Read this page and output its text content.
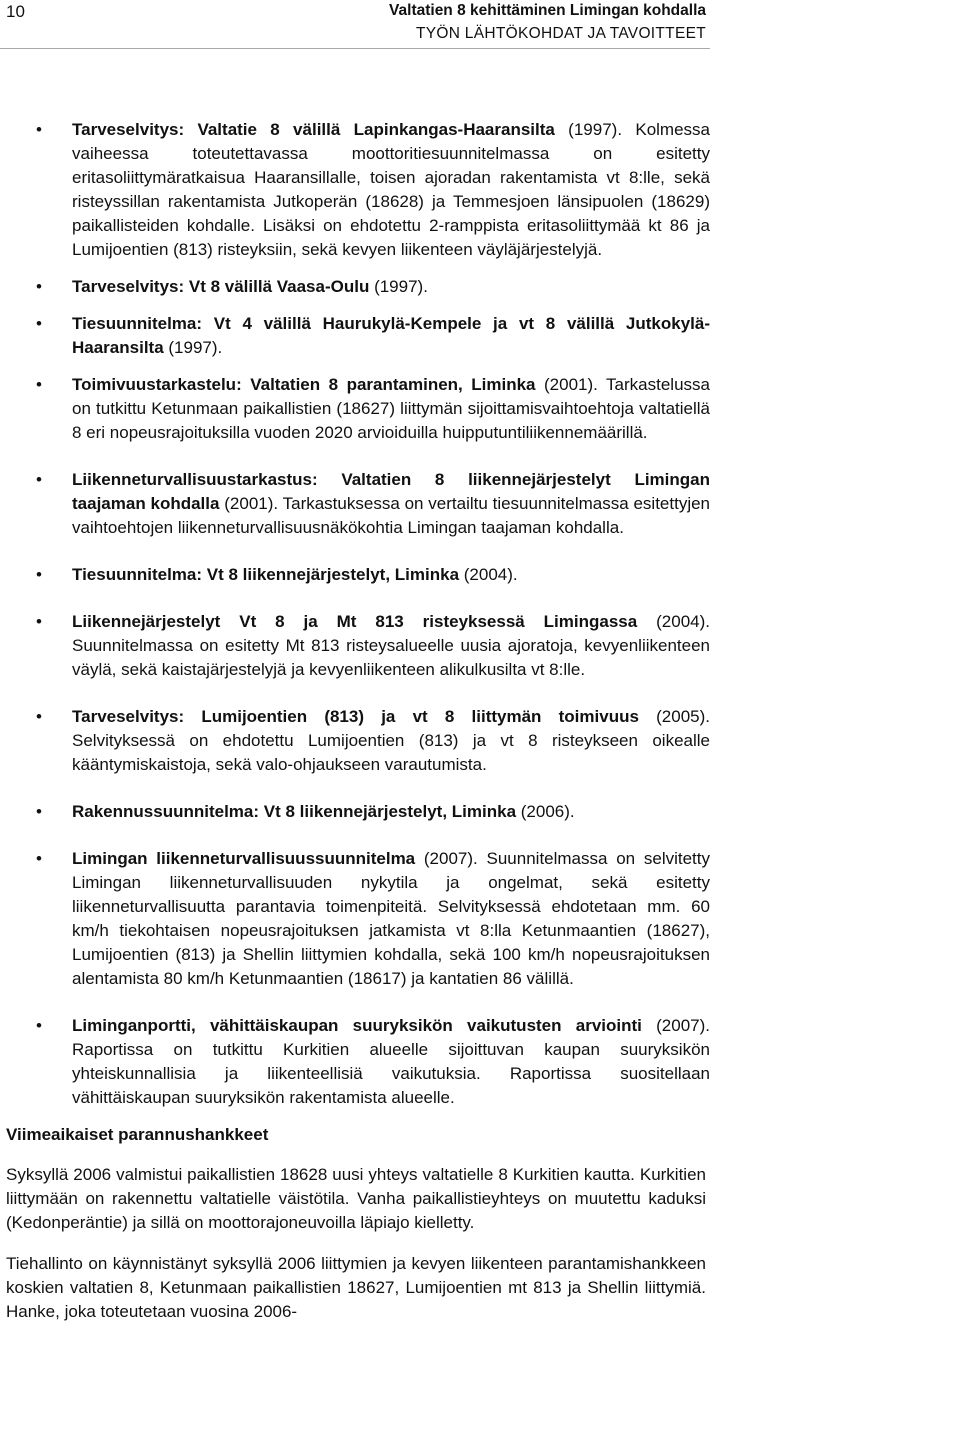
10	Valtatien 8 kehittäminen Limingan kohdalla
TYÖN LÄHTÖKOHDAT JA TAVOITTEET
• Tarveselvitys: Valtatie 8 välillä Lapinkangas-Haaransilta (1997). Kolmessa vaiheessa toteutettavassa moottoritiesuunnitelmassa on esitetty eritasoliittymäratkaisua Haaransillalle, toisen ajoradan rakentamista vt 8:lle, sekä risteyssillan rakentamista Jutkoperän (18628) ja Temmesjoen länsipuolen (18629) paikallisteiden kohdalle. Lisäksi on ehdotettu 2-ramppista eritasoliittymää kt 86 ja Lumijoentien (813) risteyksiin, sekä kevyen liikenteen väyläjärjestelyjä.
• Tarveselvitys: Vt 8 välillä Vaasa-Oulu (1997).
• Tiesuunnitelma: Vt 4 välillä Haurukylä-Kempele ja vt 8 välillä Jutkokylä-Haaransilta (1997).
• Toimivuustarkastelu: Valtatien 8 parantaminen, Liminka (2001). Tarkastelussa on tutkittu Ketunmaan paikallistien (18627) liittymän sijoittamisvaihtoehtoja valtatiellä 8 eri nopeusrajoituksilla vuoden 2020 arvioiduilla huipputuntiliikennemäärillä.
• Liikenneturvallisuustarkastus: Valtatien 8 liikennejärjestelyt Limingan taajaman kohdalla (2001). Tarkastuksessa on vertailtu tiesuunnitelmassa esitettyjen vaihtoehtojen liikenneturvallisuusnäkökohtia Limingan taajaman kohdalla.
• Tiesuunnitelma: Vt 8 liikennejärjestelyt, Liminka (2004).
• Liikennejärjestelyt Vt 8 ja Mt 813 risteyksessä Limingassa (2004). Suunnitelmassa on esitetty Mt 813 risteysalueelle uusia ajoratoja, kevyenliikenteen väylä, sekä kaistajärjestelyjä ja kevyenliikenteen alikulkusilta vt 8:lle.
• Tarveselvitys: Lumijoentien (813) ja vt 8 liittymän toimivuus (2005). Selvityksessä on ehdotettu Lumijoentien (813) ja vt 8 risteykseen oikealle kääntymiskaistoja, sekä valo-ohjaukseen varautumista.
• Rakennussuunnitelma: Vt 8 liikennejärjestelyt, Liminka (2006).
• Limingan liikenneturvallisuussuunnitelma (2007). Suunnitelmassa on selvitetty Limingan liikenneturvallisuuden nykytila ja ongelmat, sekä esitetty liikenneturvallisuutta parantavia toimenpiteitä. Selvityksessä ehdotetaan mm. 60 km/h tiekohtaisen nopeusrajoituksen jatkamista vt 8:lla Ketunmaantien (18627), Lumijoentien (813) ja Shellin liittymien kohdalla, sekä 100 km/h nopeusrajoituksen alentamista 80 km/h Ketunmaantien (18617) ja kantatien 86 välillä.
• Liminganportti, vähittäiskaupan suuryksikön vaikutusten arviointi (2007). Raportissa on tutkittu Kurkitien alueelle sijoittuvan kaupan suuryksikön yhteiskunnallisia ja liikenteellisiä vaikutuksia. Raportissa suositellaan vähittäiskaupan suuryksikön rakentamista alueelle.
Viimeaikaiset parannushankkeet

Syksyllä 2006 valmistui paikallistien 18628 uusi yhteys valtatielle 8 Kurkitien kautta. Kurkitien liittymään on rakennettu valtatielle väistötila. Vanha paikallistieyhteys on muutettu kaduksi (Kedonperäntie) ja sillä on moottorajoneuvoilla läpiajo kielletty.

Tiehallinto on käynnistänyt syksyllä 2006 liittymien ja kevyen liikenteen parantamishankkeen koskien valtatien 8, Ketunmaan paikallistien 18627, Lumijoentien mt 813 ja Shellin liittymiä. Hanke, joka toteutetaan vuosina 2006-
